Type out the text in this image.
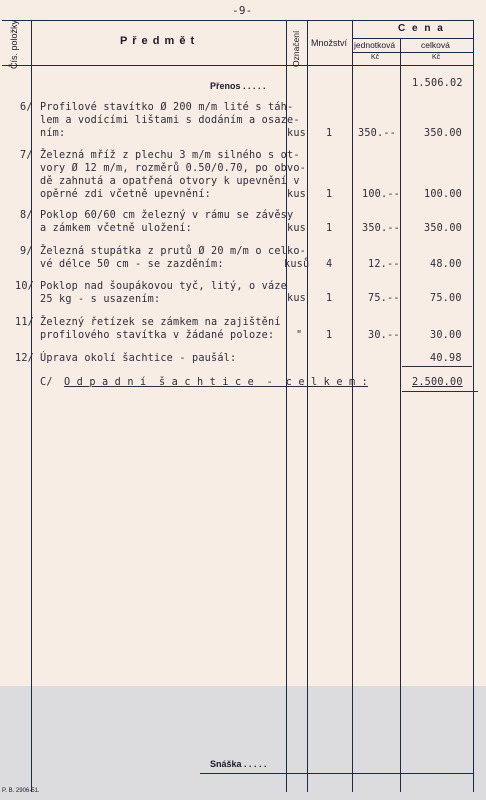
-9-
Čís. položky	P ř e d m ě t	Označení Množství
C e n a
jednotková	celková
Kč	Kč
Přenos . . . . .	1.506.02
6/ Profilové stavítko Ø 200 m/m lité s táh-
lem a vodícími lištami s dodáním a osaze-
ním:	kus 1	350.--	350.00
7/ Železná mříž z plechu 3 m/m silného s ot-
vory Ø 12 m/m, rozměrů 0.50/0.70, po obvo-
dě zahnutá a opatřená otvory k upevnění v
opěrné zdi včetně upevnění:	kus 1	100.-- 100.00
8/ Poklop 60/60 cm železný v rámu se závěsy
a zámkem včetně uložení:	kus 1	350.-- 350.00
9/ Železná stupátka z prutů Ø 20 m/m o celko-
vé délce 50 cm - se zazděním:	kusů 4	12.--	48.00
10/ Poklop nad šoupákovou tyč, litý, o váze
25 kg - s usazením:	kus 1	75.--	75.00
11/ Železný řetízek se zámkem na zajištění
profilového stavítka v žádané poloze: " 1	30.--	30.00
12/ Úprava okolí šachtice - paušál:	40.98
C/ O d p a d n í  š a c h t i c e  -  c e l k e m :	2.500.00
Snáška . . . . .
P. B. 2906-51.
